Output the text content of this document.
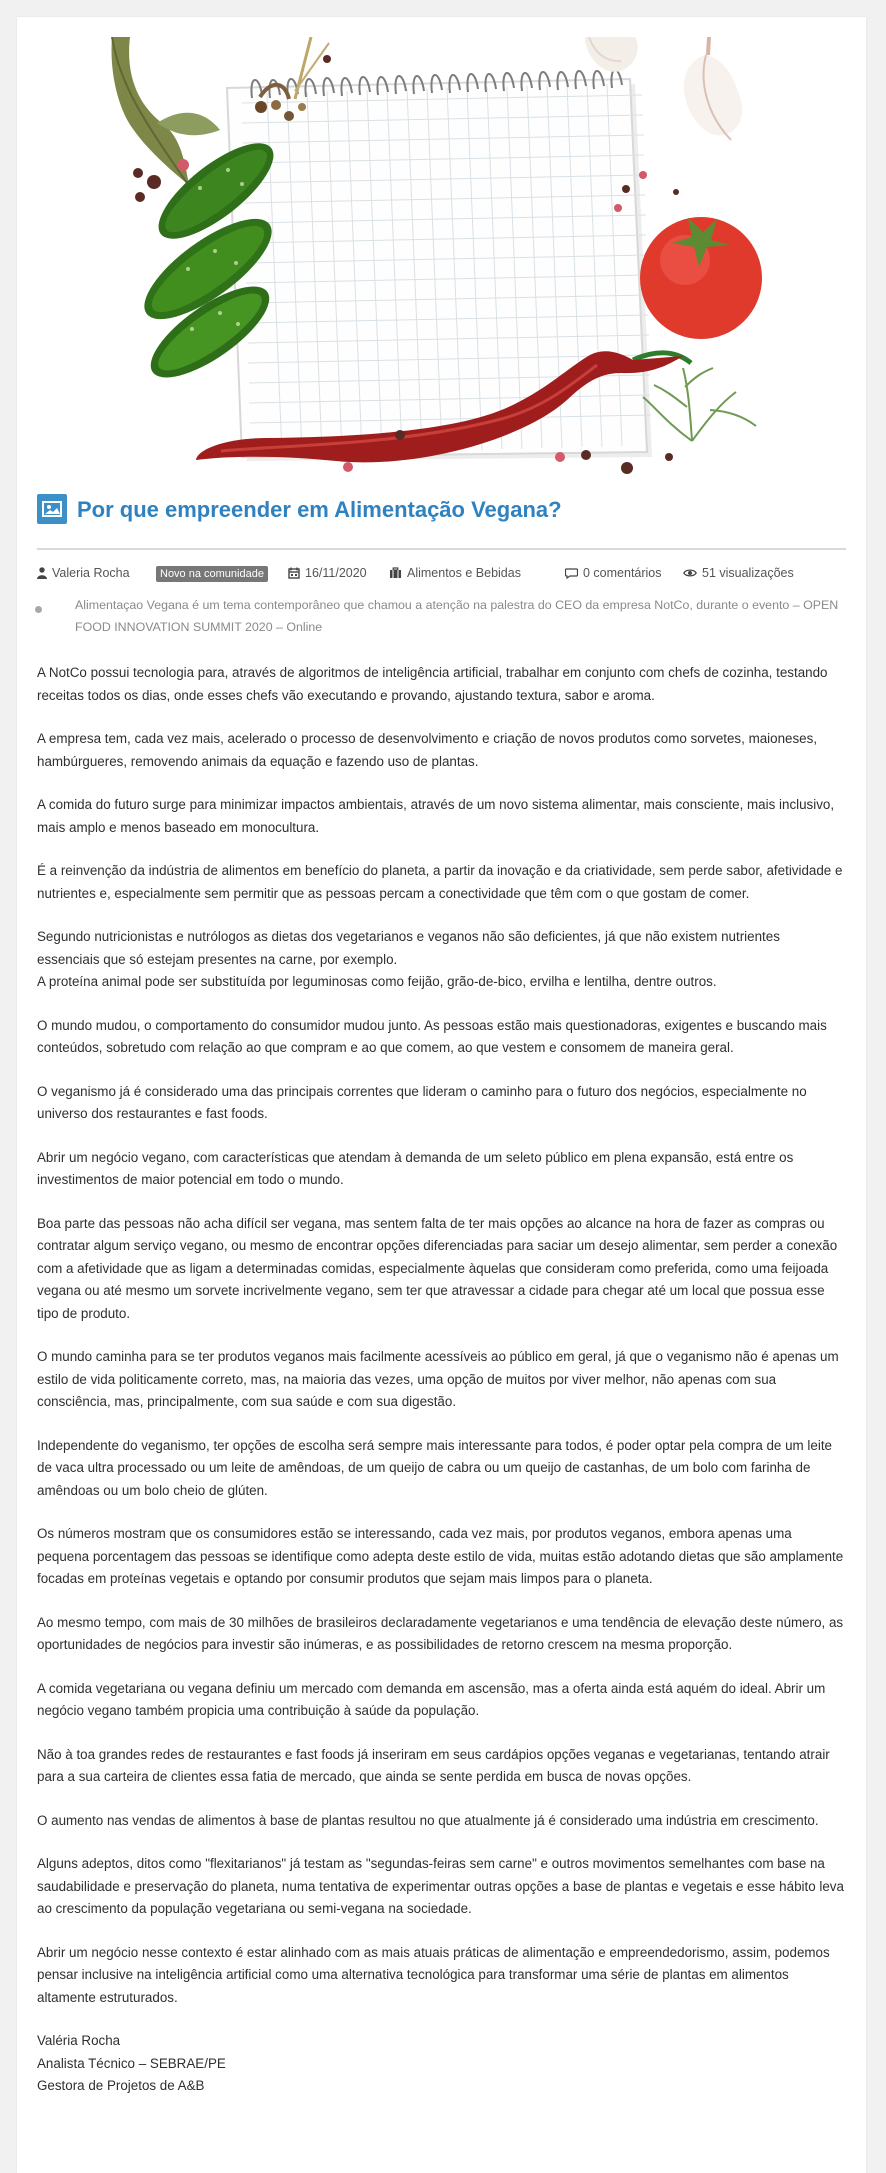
Por que empreender em Alimentação Vegana?
Valeria Rocha	Novo na comunidade	16/11/2020	Alimentos e Bebidas	0 comentários	51 visualizações
Alimentaçao Vegana é um tema contemporâneo que chamou a atenção na palestra do CEO da empresa NotCo, durante o evento – OPEN FOOD INNOVATION SUMMIT 2020 – Online

A NotCo possui tecnologia para, através de algoritmos de inteligência artificial, trabalhar em conjunto com chefs de cozinha, testando receitas todos os dias, onde esses chefs vão executando e provando, ajustando textura, sabor e aroma.

A empresa tem, cada vez mais, acelerado o processo de desenvolvimento e criação de novos produtos como sorvetes, maioneses, hambúrgueres, removendo animais da equação e fazendo uso de plantas.

A comida do futuro surge para minimizar impactos ambientais, através de um novo sistema alimentar, mais consciente, mais inclusivo, mais amplo e menos baseado em monocultura.

É a reinvenção da indústria de alimentos em benefício do planeta, a partir da inovação e da criatividade, sem perde sabor, afetividade e nutrientes e, especialmente sem permitir que as pessoas percam a conectividade que têm com o que gostam de comer.

Segundo nutricionistas e nutrólogos as dietas dos vegetarianos e veganos não são deficientes, já que não existem nutrientes essenciais que só estejam presentes na carne, por exemplo.
A proteína animal pode ser substituída por leguminosas como feijão, grão-de-bico, ervilha e lentilha, dentre outros.

O mundo mudou, o comportamento do consumidor mudou junto. As pessoas estão mais questionadoras, exigentes e buscando mais conteúdos, sobretudo com relação ao que compram e ao que comem, ao que vestem e consomem de maneira geral.

O veganismo já é considerado uma das principais correntes que lideram o caminho para o futuro dos negócios, especialmente no universo dos restaurantes e fast foods.

Abrir um negócio vegano, com características que atendam à demanda de um seleto público em plena expansão, está entre os investimentos de maior potencial em todo o mundo.

Boa parte das pessoas não acha difícil ser vegana, mas sentem falta de ter mais opções ao alcance na hora de fazer as compras ou contratar algum serviço vegano, ou mesmo de encontrar opções diferenciadas para saciar um desejo alimentar, sem perder a conexão com a afetividade que as ligam a determinadas comidas, especialmente àquelas que consideram como preferida, como uma feijoada vegana ou até mesmo um sorvete incrivelmente vegano, sem ter que atravessar a cidade para chegar até um local que possua esse tipo de produto.

O mundo caminha para se ter produtos veganos mais facilmente acessíveis ao público em geral, já que o veganismo não é apenas um estilo de vida politicamente correto, mas, na maioria das vezes, uma opção de muitos por viver melhor, não apenas com sua consciência, mas, principalmente, com sua saúde e com sua digestão.

Independente do veganismo, ter opções de escolha será sempre mais interessante para todos, é poder optar pela compra de um leite de vaca ultra processado ou um leite de amêndoas, de um queijo de cabra ou um queijo de castanhas, de um bolo com farinha de amêndoas ou um bolo cheio de glúten.

Os números mostram que os consumidores estão se interessando, cada vez mais, por produtos veganos, embora apenas uma pequena porcentagem das pessoas se identifique como adepta deste estilo de vida, muitas estão adotando dietas que são amplamente focadas em proteínas vegetais e optando por consumir produtos que sejam mais limpos para o planeta.

Ao mesmo tempo, com mais de 30 milhões de brasileiros declaradamente vegetarianos e uma tendência de elevação deste número, as oportunidades de negócios para investir são inúmeras, e as possibilidades de retorno crescem na mesma proporção.

A comida vegetariana ou vegana definiu um mercado com demanda em ascensão, mas a oferta ainda está aquém do ideal. Abrir um negócio vegano também propicia uma contribuição à saúde da população.

Não à toa grandes redes de restaurantes e fast foods já inseriram em seus cardápios opções veganas e vegetarianas, tentando atrair para a sua carteira de clientes essa fatia de mercado, que ainda se sente perdida em busca de novas opções.

O aumento nas vendas de alimentos à base de plantas resultou no que atualmente já é considerado uma indústria em crescimento.

Alguns adeptos, ditos como "flexitarianos" já testam as "segundas-feiras sem carne" e outros movimentos semelhantes com base na saudabilidade e preservação do planeta, numa tentativa de experimentar outras opções a base de plantas e vegetais e esse hábito leva ao crescimento da população vegetariana ou semi-vegana na sociedade.

Abrir um negócio nesse contexto é estar alinhado com as mais atuais práticas de alimentação e empreendedorismo, assim, podemos pensar inclusive na inteligência artificial como uma alternativa tecnológica para transformar uma série de plantas em alimentos altamente estruturados.

Valéria Rocha
Analista Técnico – SEBRAE/PE
Gestora de Projetos de A&B
